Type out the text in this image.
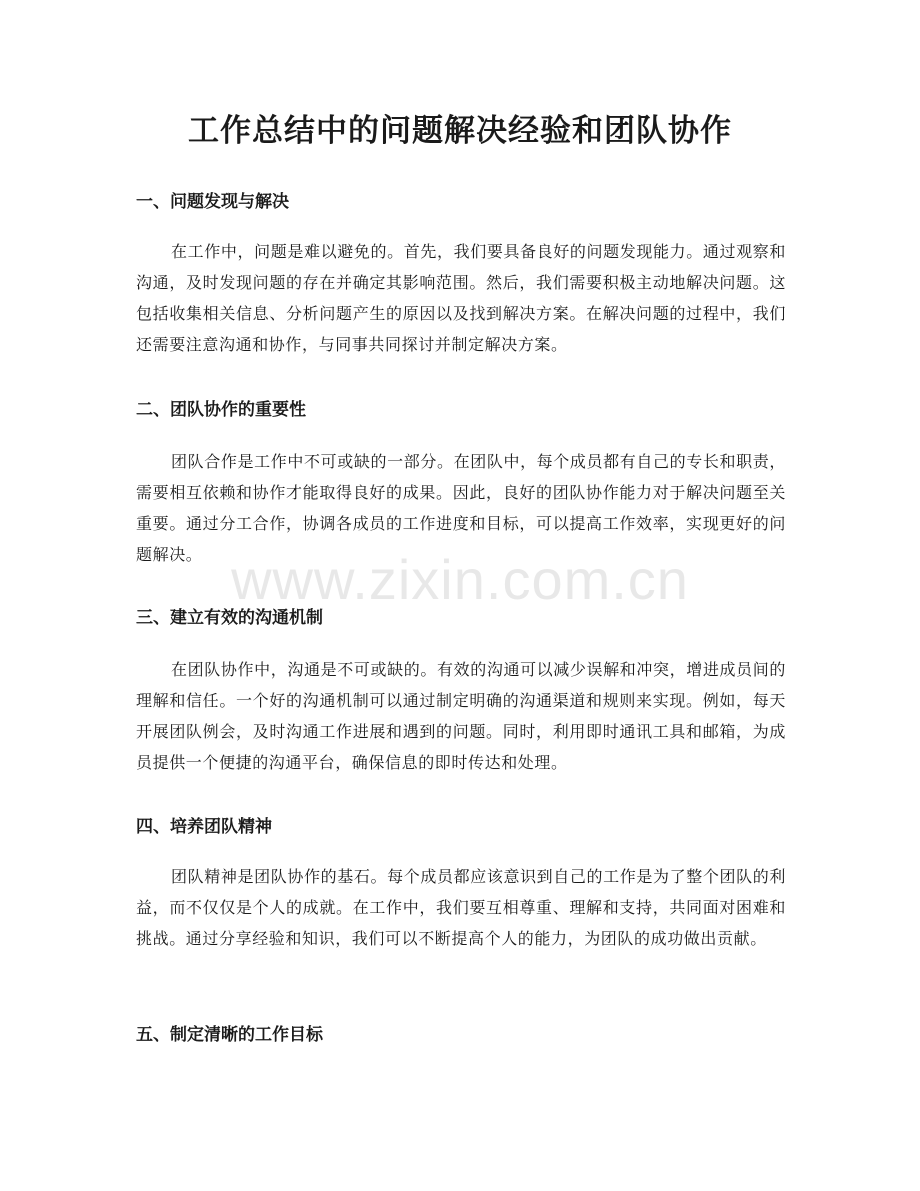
工作总结中的问题解决经验和团队协作
一、问题发现与解决

在工作中，问题是难以避免的。首先，我们要具备良好的问题发现能力。通过观察和沟通，及时发现问题的存在并确定其影响范围。然后，我们需要积极主动地解决问题。这包括收集相关信息、分析问题产生的原因以及找到解决方案。在解决问题的过程中，我们还需要注意沟通和协作，与同事共同探讨并制定解决方案。

二、团队协作的重要性

团队合作是工作中不可或缺的一部分。在团队中，每个成员都有自己的专长和职责，需要相互依赖和协作才能取得良好的成果。因此，良好的团队协作能力对于解决问题至关重要。通过分工合作，协调各成员的工作进度和目标，可以提高工作效率，实现更好的问题解决。

三、建立有效的沟通机制

在团队协作中，沟通是不可或缺的。有效的沟通可以减少误解和冲突，增进成员间的理解和信任。一个好的沟通机制可以通过制定明确的沟通渠道和规则来实现。例如，每天开展团队例会，及时沟通工作进展和遇到的问题。同时，利用即时通讯工具和邮箱，为成员提供一个便捷的沟通平台，确保信息的即时传达和处理。

四、培养团队精神

团队精神是团队协作的基石。每个成员都应该意识到自己的工作是为了整个团队的利益，而不仅仅是个人的成就。在工作中，我们要互相尊重、理解和支持，共同面对困难和挑战。通过分享经验和知识，我们可以不断提高个人的能力，为团队的成功做出贡献。

五、制定清晰的工作目标
www.zixin.com.cn
